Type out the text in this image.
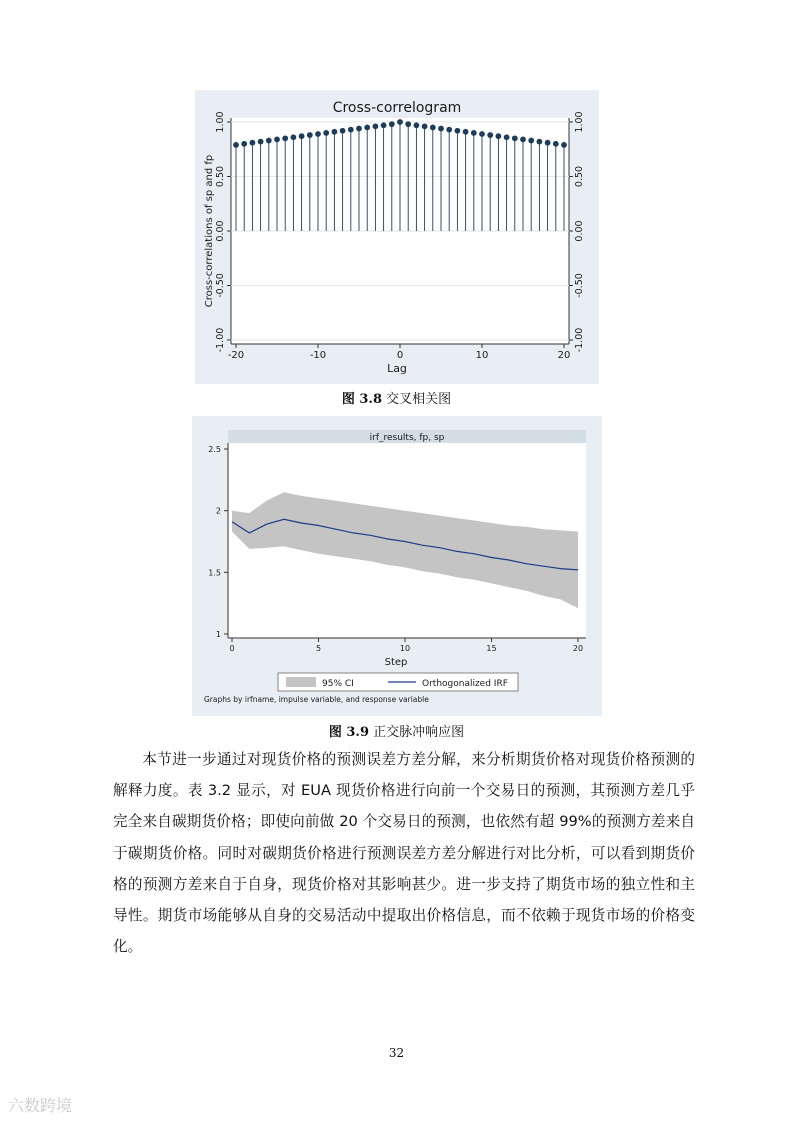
Cross-correlogram
-1.00	-1.00
-0.50	-0.50
0.00	0.00
0.50	0.50
1.00	1.00
-20	-10	0	10	20
Lag
Cross-correlations of sp and fp
图 3.8 交叉相关图
irf_results, fp, sp
1
1.5
2
2.5
0	5	10	15	20
Step
95% CI	Orthogonalized IRF
Graphs by irfname, impulse variable, and response variable
图 3.9 正交脉冲响应图

本节进一步通过对现货价格的预测误差方差分解，来分析期货价格对现货价格预测的解释力度。表 3.2 显示，对 EUA 现货价格进行向前一个交易日的预测，其预测方差几乎完全来自碳期货价格；即使向前做 20 个交易日的预测，也依然有超 99%的预测方差来自于碳期货价格。同时对碳期货价格进行预测误差方差分解进行对比分析，可以看到期货价格的预测方差来自于自身，现货价格对其影响甚少。进一步支持了期货市场的独立性和主导性。期货市场能够从自身的交易活动中提取出价格信息，而不依赖于现货市场的价格变化。

32
六数跨境
